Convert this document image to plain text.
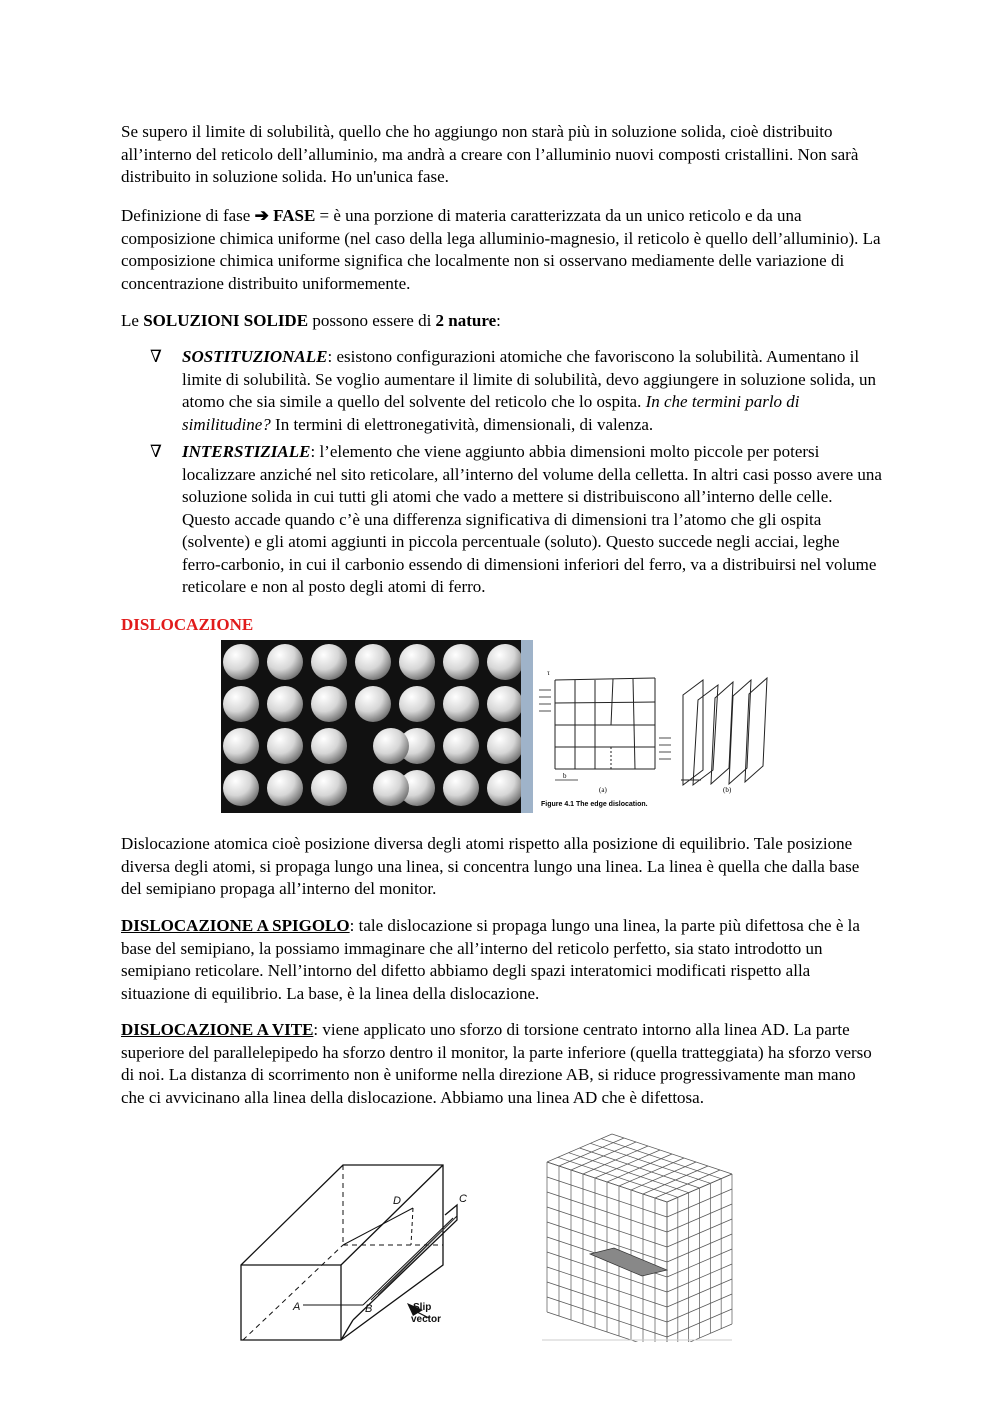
Se supero il limite di solubilità, quello che ho aggiungo non starà più in soluzione solida, cioè distribuito all’interno del reticolo dell’alluminio, ma andrà a creare con l’alluminio nuovi composti cristallini. Non sarà distribuito in soluzione solida. Ho un'unica fase.
Definizione di fase ➔ FASE = è una porzione di materia caratterizzata da un unico reticolo e da una composizione chimica uniforme (nel caso della lega alluminio-magnesio, il reticolo è quello dell’alluminio). La composizione chimica uniforme significa che localmente non si osservano mediamente delle variazione di concentrazione distribuito uniformemente.
Le SOLUZIONI SOLIDE possono essere di 2 nature:
∇	SOSTITUZIONALE: esistono configurazioni atomiche che favoriscono la solubilità. Aumentano il limite di solubilità. Se voglio aumentare il limite di solubilità, devo aggiungere in soluzione solida, un atomo che sia simile a quello del solvente del reticolo che lo ospita. In che termini parlo di similitudine? In termini di elettronegatività, dimensionali, di valenza.
∇	INTERSTIZIALE: l’elemento che viene aggiunto abbia dimensioni molto piccole per potersi localizzare anziché nel sito reticolare, all’interno del volume della celletta. In altri casi posso avere una soluzione solida in cui tutti gli atomi che vado a mettere si distribuiscono all’interno delle celle. Questo accade quando c’è una differenza significativa di dimensioni tra l’atomo che gli ospita (solvente) e gli atomi aggiunti in piccola percentuale (soluto). Questo succede negli acciai, leghe ferro-carbonio, in cui il carbonio essendo di dimensioni inferiori del ferro, va a distribuirsi nel volume reticolare e non al posto degli atomi di ferro.
DISLOCAZIONE
τ
b
(a)	(b)
Figure 4.1 The edge dislocation.
Dislocazione atomica cioè posizione diversa degli atomi rispetto alla posizione di equilibrio. Tale posizione diversa degli atomi, si propaga lungo una linea, si concentra lungo una linea. La linea è quella che dalla base del semipiano propaga all’interno del monitor.
DISLOCAZIONE A SPIGOLO: tale dislocazione si propaga lungo una linea, la parte più difettosa che è la base del semipiano, la possiamo immaginare che all’interno del reticolo perfetto, sia stato introdotto un semipiano reticolare. Nell’intorno del difetto abbiamo degli spazi interatomici modificati rispetto alla situazione di equilibrio. La base, è la linea della dislocazione.
DISLOCAZIONE A VITE: viene applicato uno sforzo di torsione centrato intorno alla linea AD. La parte superiore del parallelepipedo ha sforzo dentro il monitor, la parte inferiore (quella tratteggiata) ha sforzo verso di noi. La distanza di scorrimento non è uniforme nella direzione AB, si riduce progressivamente man mano che ci avvicinano alla linea della dislocazione. Abbiamo una linea AD che è difettosa.
A	B
C
D
Slip
vector
